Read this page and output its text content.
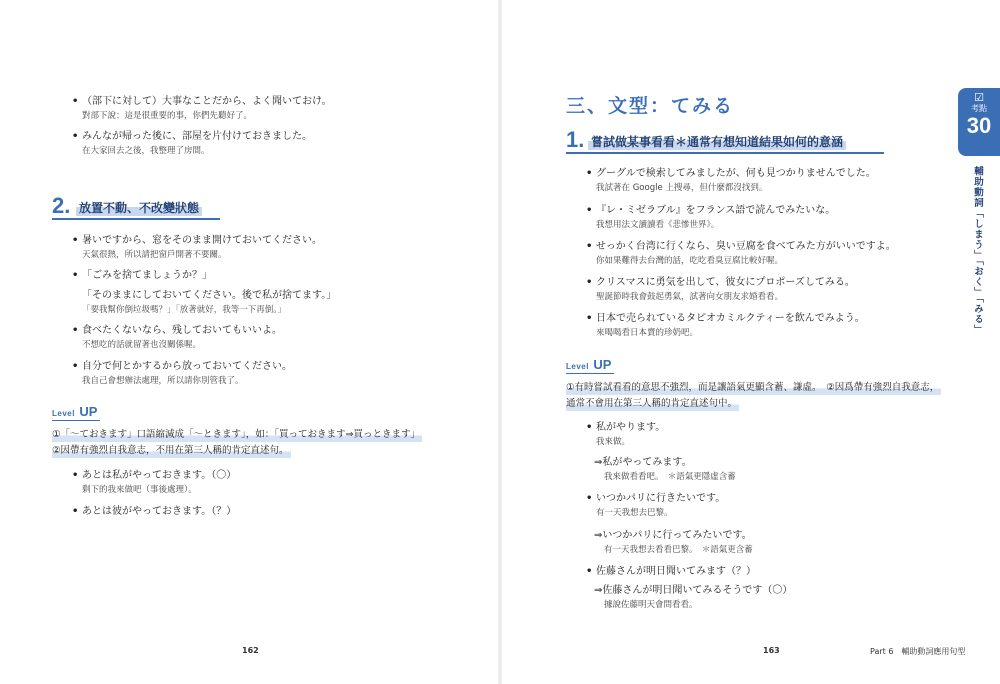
• （部下に対して）大事なことだから、よく聞いておけ。
對部下說：這是很重要的事，你們先聽好了。
• みんなが帰った後に、部屋を片付けておきました。
在大家回去之後，我整理了房間。
2. 放置不動、不改變狀態
• 暑いですから、窓をそのまま開けておいてください。
天氣很熱，所以請把窗戶開著不要關。
• 「ごみを捨てましょうか？」
「そのままにしておいてください。後で私が捨てます。」
「要我幫你倒垃圾嗎？」「放著就好，我等一下再倒。」
• 食べたくないなら、残しておいてもいいよ。
不想吃的話就留著也沒關係喔。
• 自分で何とかするから放っておいてください。
我自己會想辦法處理，所以請你別管我了。
Level UP
①「～ておきます」口語縮減成「～ときます」，如：「買っておきます⇒買っときます」
②因帶有強烈自我意志，不用在第三人稱的肯定直述句。
• あとは私がやっておきます。（〇）
剩下的我來做吧（事後處理）。
• あとは彼がやっておきます。（？）
162
三、文型：てみる
1. 嘗試做某事看看＊通常有想知道結果如何的意涵
• グーグルで検索してみましたが、何も見つかりませんでした。
我試著在 Google 上搜尋，但什麼都沒找到。
• 『レ・ミゼラブル』をフランス語で読んでみたいな。
我想用法文讀讀看《悲慘世界》。
• せっかく台湾に行くなら、臭い豆腐を食べてみた方がいいですよ。
你如果難得去台灣的話，吃吃看臭豆腐比較好喔。
• クリスマスに勇気を出して、彼女にプロポーズしてみる。
聖誕節時我會鼓起勇氣，試著向女朋友求婚看看。
• 日本で売られているタピオカミルクティーを飲んでみよう。
來喝喝看日本賣的珍奶吧。
Level UP
①有時嘗試看看的意思不強烈，而是讓語氣更顯含蓄、謙虛。　②因爲帶有強烈自我意志，
通常不會用在第三人稱的肯定直述句中。
• 私がやります。
我來做。
⇒私がやってみます。
我來做看看吧。　＊語氣更隱虛含蓄
• いつかパリに行きたいです。
有一天我想去巴黎。
⇒いつかパリに行ってみたいです。
有一天我想去看看巴黎。　＊語氣更含蓄
• 佐藤さんが明日聞いてみます（？）
⇒佐藤さんが明日聞いてみるそうです（〇）
據說佐藤明天會問看看。
163	Part 6　輔助動詞應用句型
☑
考點
30
輔助動詞「しまう」「おく」「みる」
